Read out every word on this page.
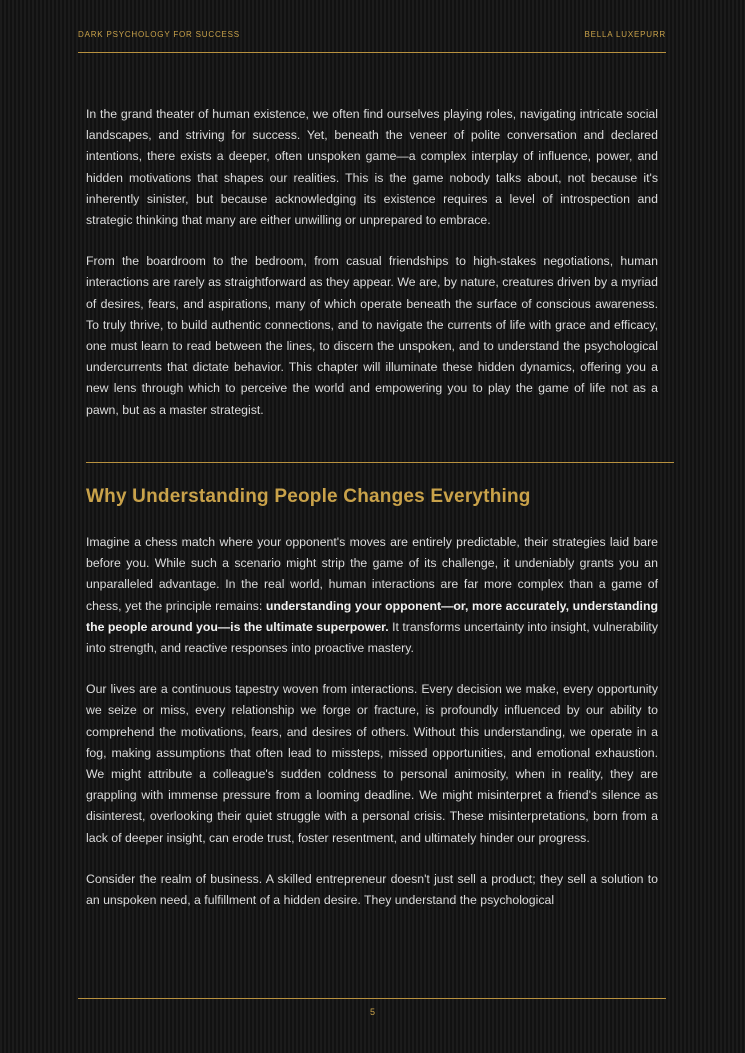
DARK PSYCHOLOGY FOR SUCCESS	BELLA LUXEPURR

In the grand theater of human existence, we often find ourselves playing roles, navigating intricate social landscapes, and striving for success. Yet, beneath the veneer of polite conversation and declared intentions, there exists a deeper, often unspoken game—a complex interplay of influence, power, and hidden motivations that shapes our realities. This is the game nobody talks about, not because it's inherently sinister, but because acknowledging its existence requires a level of introspection and strategic thinking that many are either unwilling or unprepared to embrace.

From the boardroom to the bedroom, from casual friendships to high-stakes negotiations, human interactions are rarely as straightforward as they appear. We are, by nature, creatures driven by a myriad of desires, fears, and aspirations, many of which operate beneath the surface of conscious awareness. To truly thrive, to build authentic connections, and to navigate the currents of life with grace and efficacy, one must learn to read between the lines, to discern the unspoken, and to understand the psychological undercurrents that dictate behavior. This chapter will illuminate these hidden dynamics, offering you a new lens through which to perceive the world and empowering you to play the game of life not as a pawn, but as a master strategist.

Why Understanding People Changes Everything

Imagine a chess match where your opponent's moves are entirely predictable, their strategies laid bare before you. While such a scenario might strip the game of its challenge, it undeniably grants you an unparalleled advantage. In the real world, human interactions are far more complex than a game of chess, yet the principle remains: understanding your opponent—or, more accurately, understanding the people around you—is the ultimate superpower. It transforms uncertainty into insight, vulnerability into strength, and reactive responses into proactive mastery.

Our lives are a continuous tapestry woven from interactions. Every decision we make, every opportunity we seize or miss, every relationship we forge or fracture, is profoundly influenced by our ability to comprehend the motivations, fears, and desires of others. Without this understanding, we operate in a fog, making assumptions that often lead to missteps, missed opportunities, and emotional exhaustion. We might attribute a colleague's sudden coldness to personal animosity, when in reality, they are grappling with immense pressure from a looming deadline. We might misinterpret a friend's silence as disinterest, overlooking their quiet struggle with a personal crisis. These misinterpretations, born from a lack of deeper insight, can erode trust, foster resentment, and ultimately hinder our progress.

Consider the realm of business. A skilled entrepreneur doesn't just sell a product; they sell a solution to an unspoken need, a fulfillment of a hidden desire. They understand the psychological

5
